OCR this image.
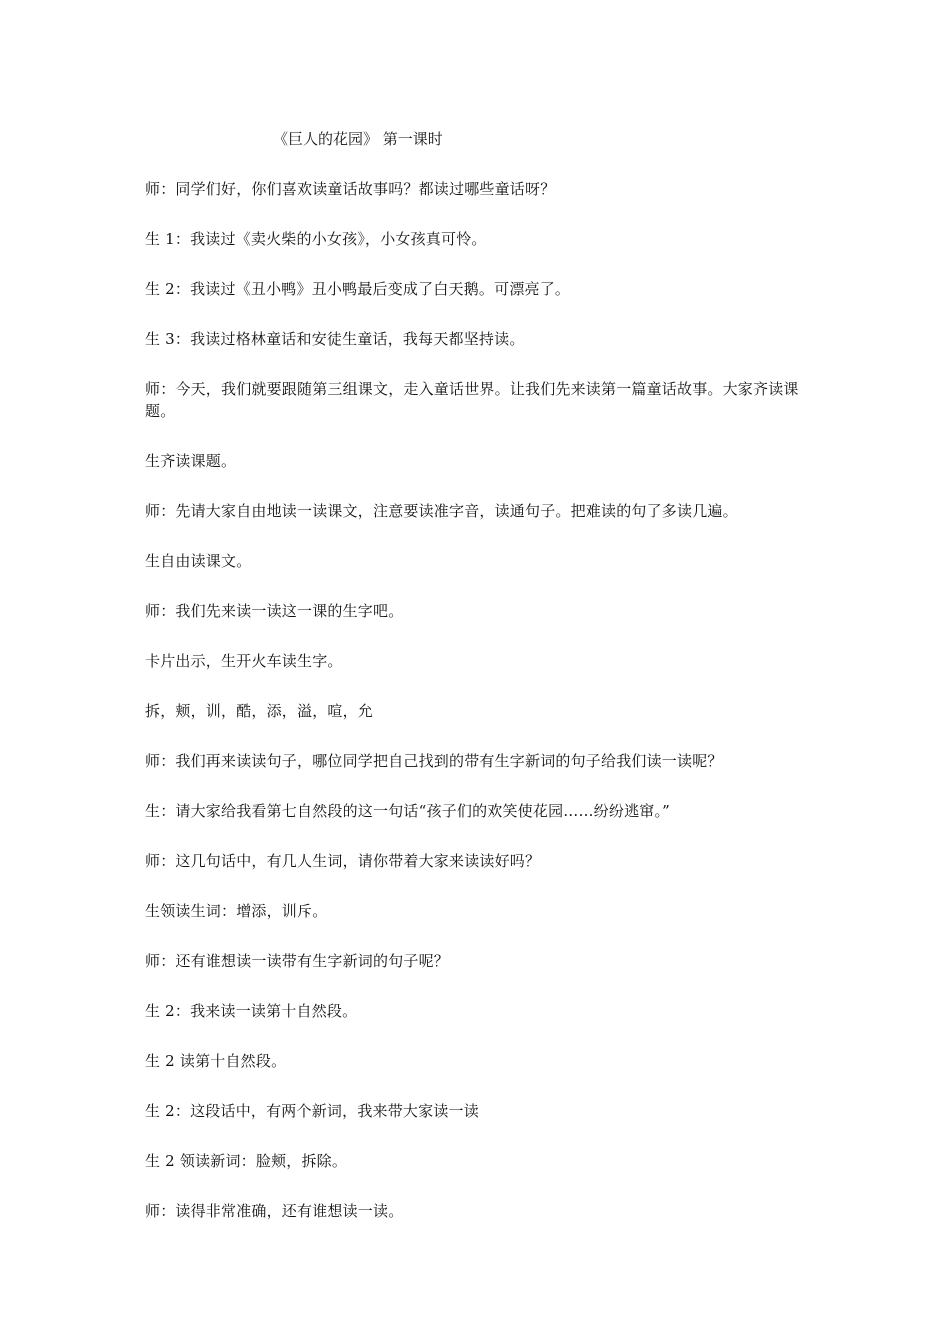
《巨人的花园》 第一课时

师：同学们好，你们喜欢读童话故事吗？都读过哪些童话呀？

生 1：我读过《卖火柴的小女孩》，小女孩真可怜。

生 2：我读过《丑小鸭》丑小鸭最后变成了白天鹅。可漂亮了。

生 3：我读过格林童话和安徒生童话，我每天都坚持读。

师：今天，我们就要跟随第三组课文，走入童话世界。让我们先来读第一篇童话故事。大家齐读课题。

生齐读课题。

师：先请大家自由地读一读课文，注意要读准字音，读通句子。把难读的句了多读几遍。

生自由读课文。

师：我们先来读一读这一课的生字吧。

卡片出示，生开火车读生字。

拆，颊，训，酷，添，溢，喧，允

师：我们再来读读句子，哪位同学把自己找到的带有生字新词的句子给我们读一读呢？

生：请大家给我看第七自然段的这一句话“孩子们的欢笑使花园……纷纷逃窜。”

师：这几句话中，有几人生词，请你带着大家来读读好吗？

生领读生词：增添，训斥。

师：还有谁想读一读带有生字新词的句子呢？

生 2：我来读一读第十自然段。

生 2 读第十自然段。

生 2：这段话中，有两个新词，我来带大家读一读

生 2 领读新词：脸颊，拆除。

师：读得非常准确，还有谁想读一读。
